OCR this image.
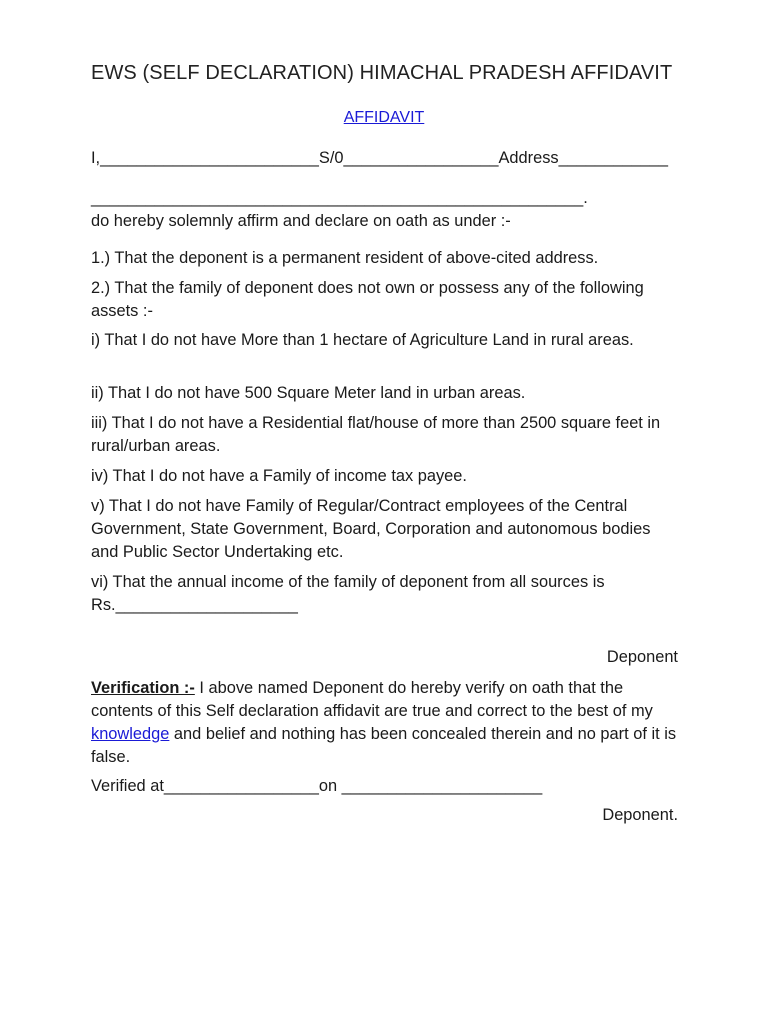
EWS (SELF DECLARATION) HIMACHAL PRADESH AFFIDAVIT
AFFIDAVIT
I,________________________S/0_________________Address____________
______________________________________________________.
do hereby solemnly affirm and declare on oath as under :-
1.) That the deponent is a permanent resident of above-cited address.
2.) That the family of deponent does not own or possess any of the following assets :-
i) That I do not have More than 1 hectare of Agriculture Land in rural areas.
ii) That I do not have 500 Square Meter land in urban areas.
iii) That I do not have a Residential flat/house of more than 2500 square feet in rural/urban areas.
iv) That I do not have a Family of income tax payee.
v) That I do not have Family of Regular/Contract employees of the Central Government, State Government, Board, Corporation and autonomous bodies and Public Sector Undertaking etc.
vi) That the annual income of the family of deponent from all sources is Rs.____________________
Deponent
Verification :- I above named Deponent do hereby verify on oath that the contents of this Self declaration affidavit are true and correct to the best of my knowledge and belief and nothing has been concealed therein and no part of it is false.
Verified at_________________on ______________________
Deponent.
